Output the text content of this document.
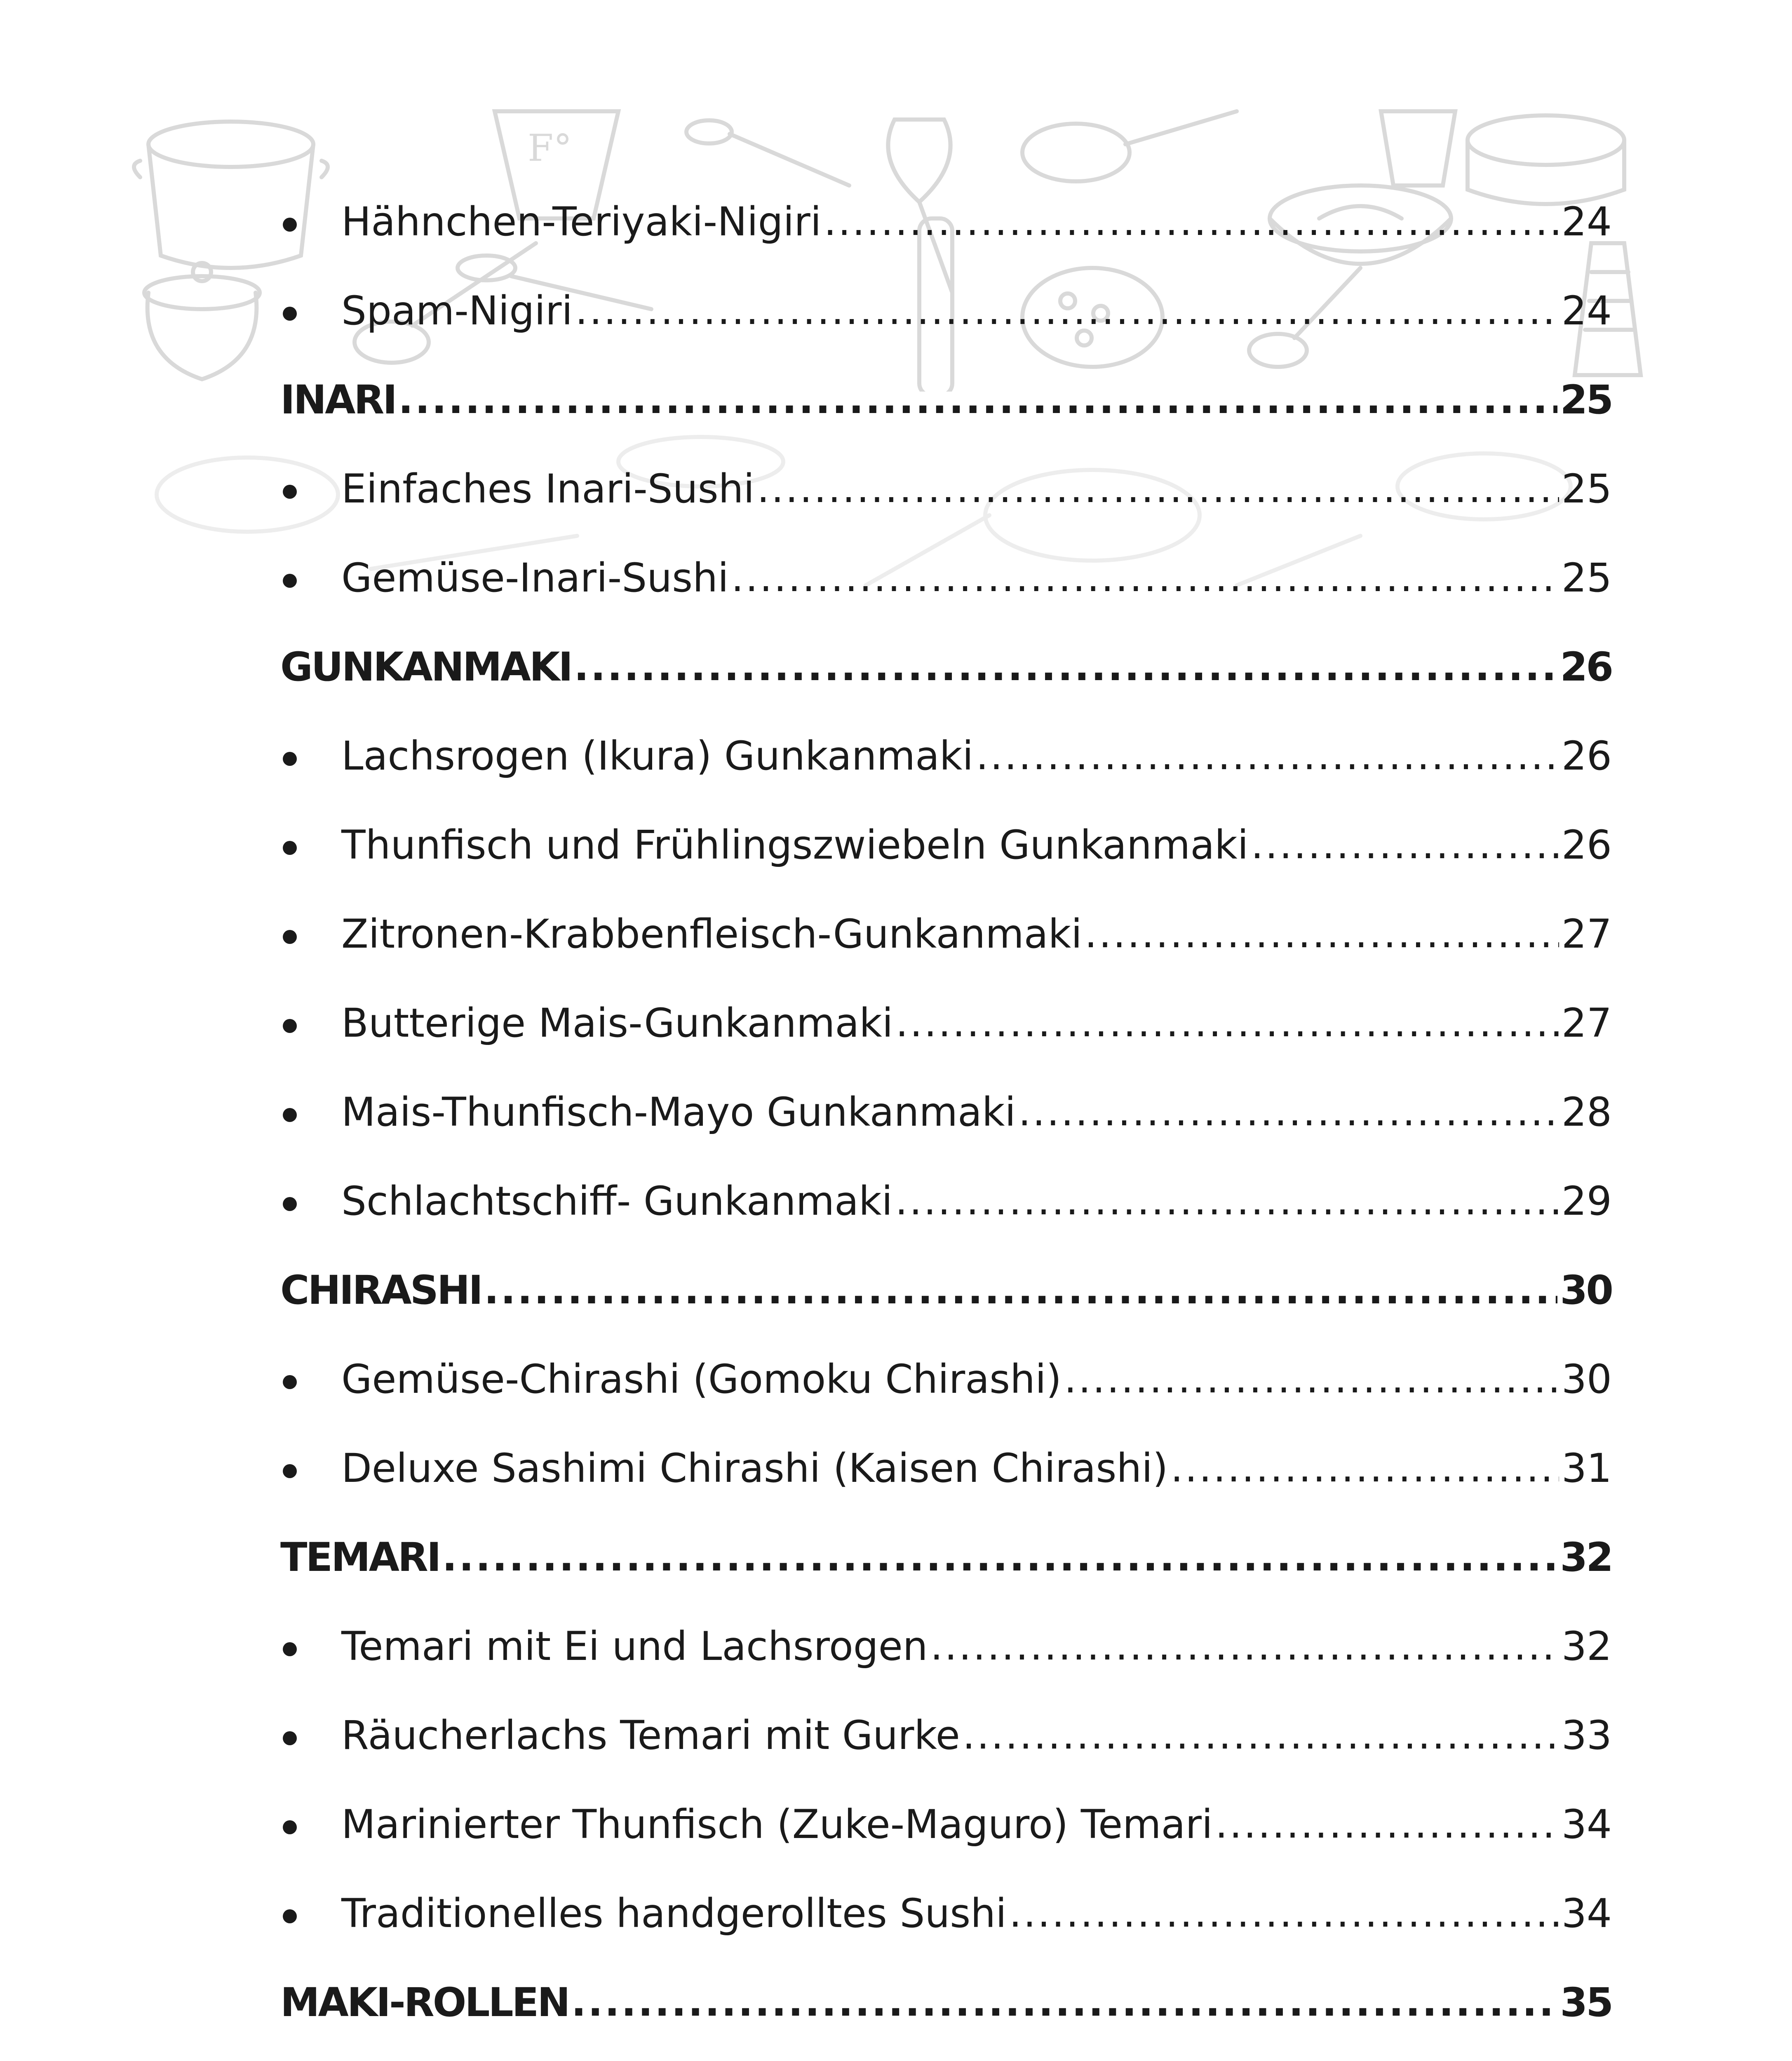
F°
Hähnchen-Teriyaki-Nigiri .....	24
Spam-Nigiri .....	24
INARI .....	25
Einfaches Inari-Sushi .....	25
Gemüse-Inari-Sushi .....	25
GUNKANMAKI .....	26
Lachsrogen (Ikura) Gunkanmaki .....	26
Thunfisch und Frühlingszwiebeln Gunkanmaki .....	26
Zitronen-Krabbenfleisch-Gunkanmaki .....	27
Butterige Mais-Gunkanmaki .....	27
Mais-Thunfisch-Mayo Gunkanmaki .....	28
Schlachtschiff- Gunkanmaki .....	29
CHIRASHI .....	30
Gemüse-Chirashi (Gomoku Chirashi) .....	30
Deluxe Sashimi Chirashi (Kaisen Chirashi) .....	31
TEMARI .....	32
Temari mit Ei und Lachsrogen .....	32
Räucherlachs Temari mit Gurke .....	33
Marinierter Thunfisch (Zuke-Maguro) Temari .....	34
Traditionelles handgerolltes Sushi .....	34
MAKI-ROLLEN .....	35
